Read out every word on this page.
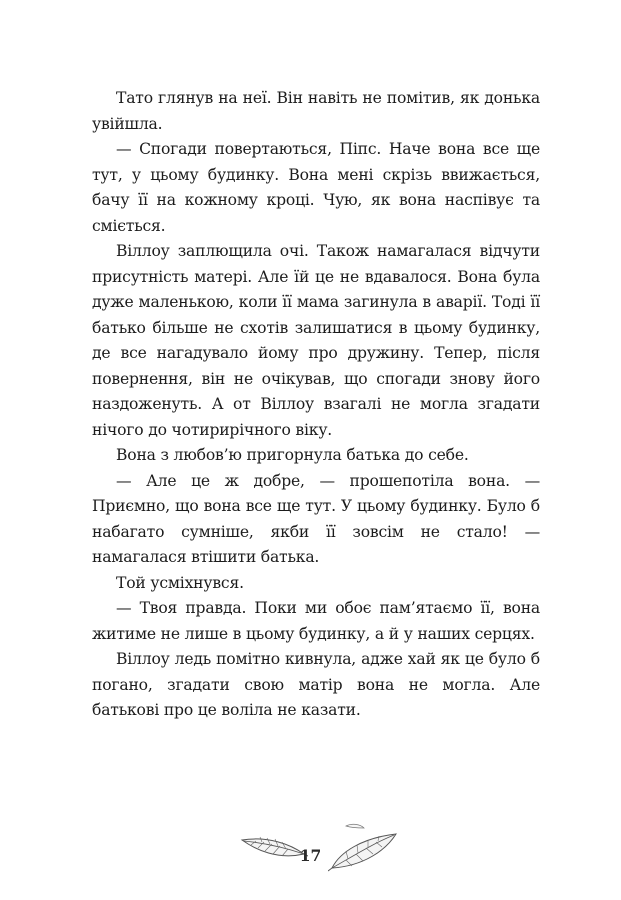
Тато глянув на неї. Він навіть не помітив, як донька увійшла.

— Спогади повертаються, Піпс. Наче вона все ще тут, у цьому будинку. Вона мені скрізь ввижається, бачу її на кожному кроці. Чую, як вона наспівує та сміється.

Віллоу заплющила очі. Також намагалася відчути присутність матері. Але їй це не вдавалося. Вона була дуже маленькою, коли її мама загинула в аварії. Тоді її батько більше не схотів залишатися в цьому будинку, де все нагадувало йому про дружину. Тепер, після повернення, він не очікував, що спогади знову його наздоженуть. А от Віллоу взагалі не могла згадати нічого до чотирирічного віку.

Вона з любов’ю пригорнула батька до себе.

— Але це ж добре, — прошепотіла вона. — Приємно, що вона все ще тут. У цьому будинку. Було б набагато сумніше, якби її зовсім не стало! — намагалася втішити батька.

Той усміхнувся.

— Твоя правда. Поки ми обоє пам’ятаємо її, вона житиме не лише в цьому будинку, а й у наших серцях.

Віллоу ледь помітно кивнула, адже хай як це було б погано, згадати свою матір вона не могла. Але батькові про це воліла не казати.

17
